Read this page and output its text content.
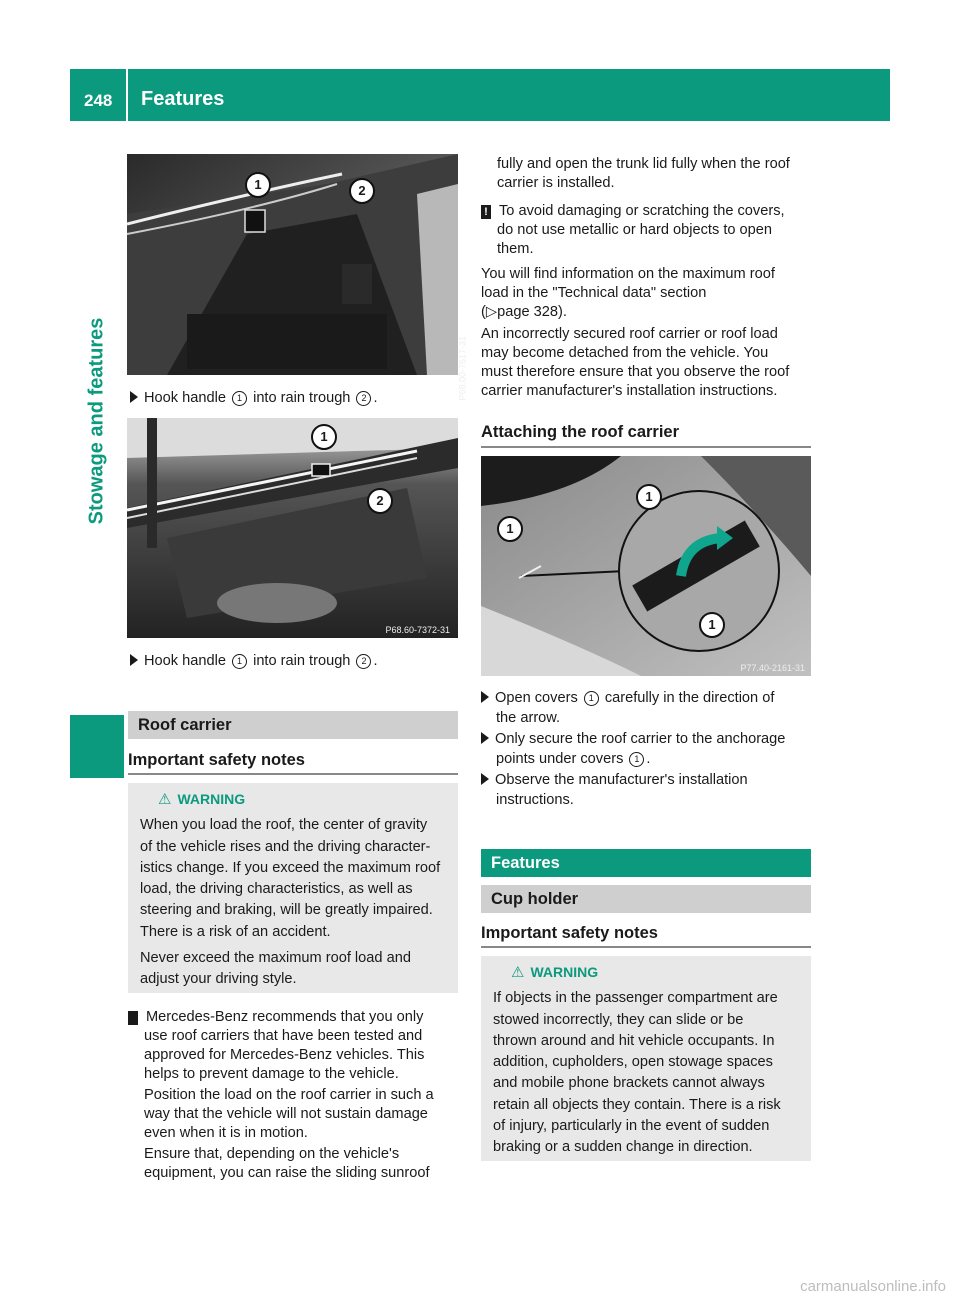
248 Features
Stowage and features
1	2
P68.00-7617-31
Hook handle 1 into rain trough 2 .
1
2
P68.60-7372-31
Hook handle 1 into rain trough 2 .
Roof carrier
Important safety notes
⚠ WARNING
When you load the roof, the center of gravity
of the vehicle rises and the driving character-
istics change. If you exceed the maximum roof
load, the driving characteristics, as well as
steering and braking, will be greatly impaired.
There is a risk of an accident.
Never exceed the maximum roof load and
adjust your driving style.
! Mercedes-Benz recommends that you only
use roof carriers that have been tested and
approved for Mercedes-Benz vehicles. This
helps to prevent damage to the vehicle.
Position the load on the roof carrier in such a
way that the vehicle will not sustain damage
even when it is in motion.
Ensure that, depending on the vehicle's
equipment, you can raise the sliding sunroof
fully and open the trunk lid fully when the roof
carrier is installed.
! To avoid damaging or scratching the covers,
do not use metallic or hard objects to open
them.
You will find information on the maximum roof
load in the "Technical data" section
(▷page 328).
An incorrectly secured roof carrier or roof load
may become detached from the vehicle. You
must therefore ensure that you observe the roof
carrier manufacturer's installation instructions.
Attaching the roof carrier
1
1
1
P77.40-2161-31
Open covers 1 carefully in the direction of
the arrow.
Only secure the roof carrier to the anchorage
points under covers 1 .
Observe the manufacturer's installation
instructions.
Features
Cup holder
Important safety notes
⚠ WARNING
If objects in the passenger compartment are
stowed incorrectly, they can slide or be
thrown around and hit vehicle occupants. In
addition, cupholders, open stowage spaces
and mobile phone brackets cannot always
retain all objects they contain. There is a risk
of injury, particularly in the event of sudden
braking or a sudden change in direction.
carmanualsonline.info
